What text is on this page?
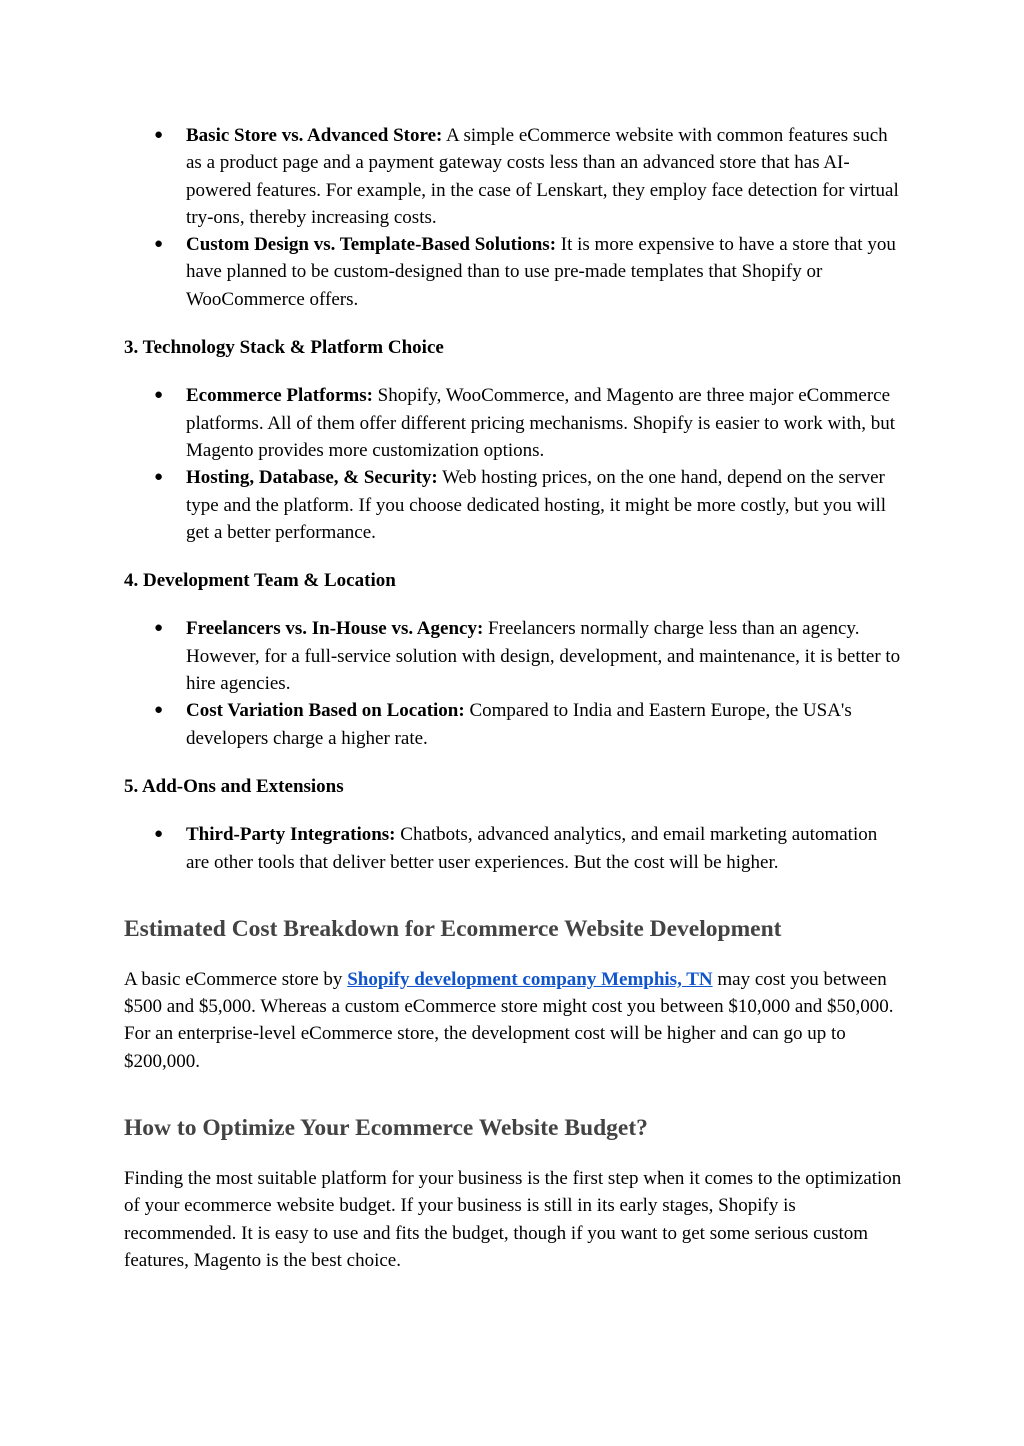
● Basic Store vs. Advanced Store: A simple eCommerce website with common features such as a product page and a payment gateway costs less than an advanced store that has AI-powered features. For example, in the case of Lenskart, they employ face detection for virtual try-ons, thereby increasing costs.
● Custom Design vs. Template-Based Solutions: It is more expensive to have a store that you have planned to be custom-designed than to use pre-made templates that Shopify or WooCommerce offers.

3. Technology Stack & Platform Choice

● Ecommerce Platforms: Shopify, WooCommerce, and Magento are three major eCommerce platforms. All of them offer different pricing mechanisms. Shopify is easier to work with, but Magento provides more customization options.
● Hosting, Database, & Security: Web hosting prices, on the one hand, depend on the server type and the platform. If you choose dedicated hosting, it might be more costly, but you will get a better performance.

4. Development Team & Location

● Freelancers vs. In-House vs. Agency: Freelancers normally charge less than an agency. However, for a full-service solution with design, development, and maintenance, it is better to hire agencies.
● Cost Variation Based on Location: Compared to India and Eastern Europe, the USA's developers charge a higher rate.

5. Add-Ons and Extensions

● Third-Party Integrations: Chatbots, advanced analytics, and email marketing automation are other tools that deliver better user experiences. But the cost will be higher.
Estimated Cost Breakdown for Ecommerce Website Development

A basic eCommerce store by Shopify development company Memphis, TN may cost you between $500 and $5,000. Whereas a custom eCommerce store might cost you between $10,000 and $50,000. For an enterprise-level eCommerce store, the development cost will be higher and can go up to $200,000.

How to Optimize Your Ecommerce Website Budget?

Finding the most suitable platform for your business is the first step when it comes to the optimization of your ecommerce website budget. If your business is still in its early stages, Shopify is recommended. It is easy to use and fits the budget, though if you want to get some serious custom features, Magento is the best choice.
